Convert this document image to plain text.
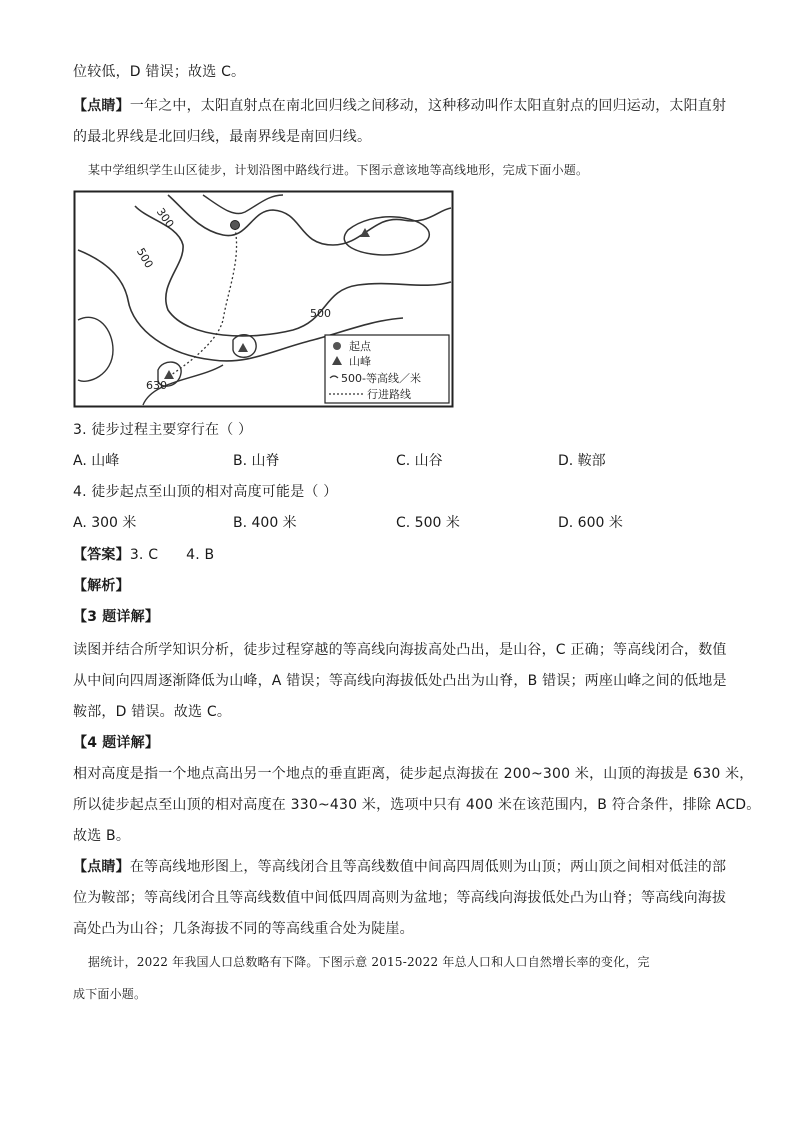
位较低，D 错误；故选 C。
【点睛】一年之中，太阳直射点在南北回归线之间移动，这种移动叫作太阳直射点的回归运动，太阳直射
的最北界线是北回归线，最南界线是南回归线。
某中学组织学生山区徒步，计划沿图中路线行进。下图示意该地等高线地形，完成下面小题。
300
500
500
630
起点
山峰
500-等高线／米
行进路线
3. 徒步过程主要穿行在（ ）
A. 山峰	B. 山脊	C. 山谷	D. 鞍部
4. 徒步起点至山顶的相对高度可能是（ ）
A. 300 米	B. 400 米	C. 500 米	D. 600 米
【答案】3. C      4. B
【解析】
【3 题详解】
读图并结合所学知识分析，徒步过程穿越的等高线向海拔高处凸出，是山谷，C 正确；等高线闭合，数值
从中间向四周逐渐降低为山峰，A 错误；等高线向海拔低处凸出为山脊，B 错误；两座山峰之间的低地是
鞍部，D 错误。故选 C。
【4 题详解】
相对高度是指一个地点高出另一个地点的垂直距离，徒步起点海拔在 200~300 米，山顶的海拔是 630 米，
所以徒步起点至山顶的相对高度在 330~430 米，选项中只有 400 米在该范围内，B 符合条件，排除 ACD。
故选 B。
【点睛】在等高线地形图上，等高线闭合且等高线数值中间高四周低则为山顶；两山顶之间相对低洼的部
位为鞍部；等高线闭合且等高线数值中间低四周高则为盆地；等高线向海拔低处凸为山脊；等高线向海拔
高处凸为山谷；几条海拔不同的等高线重合处为陡崖。
据统计，2022 年我国人口总数略有下降。下图示意 2015-2022 年总人口和人口自然增长率的变化，完
成下面小题。
